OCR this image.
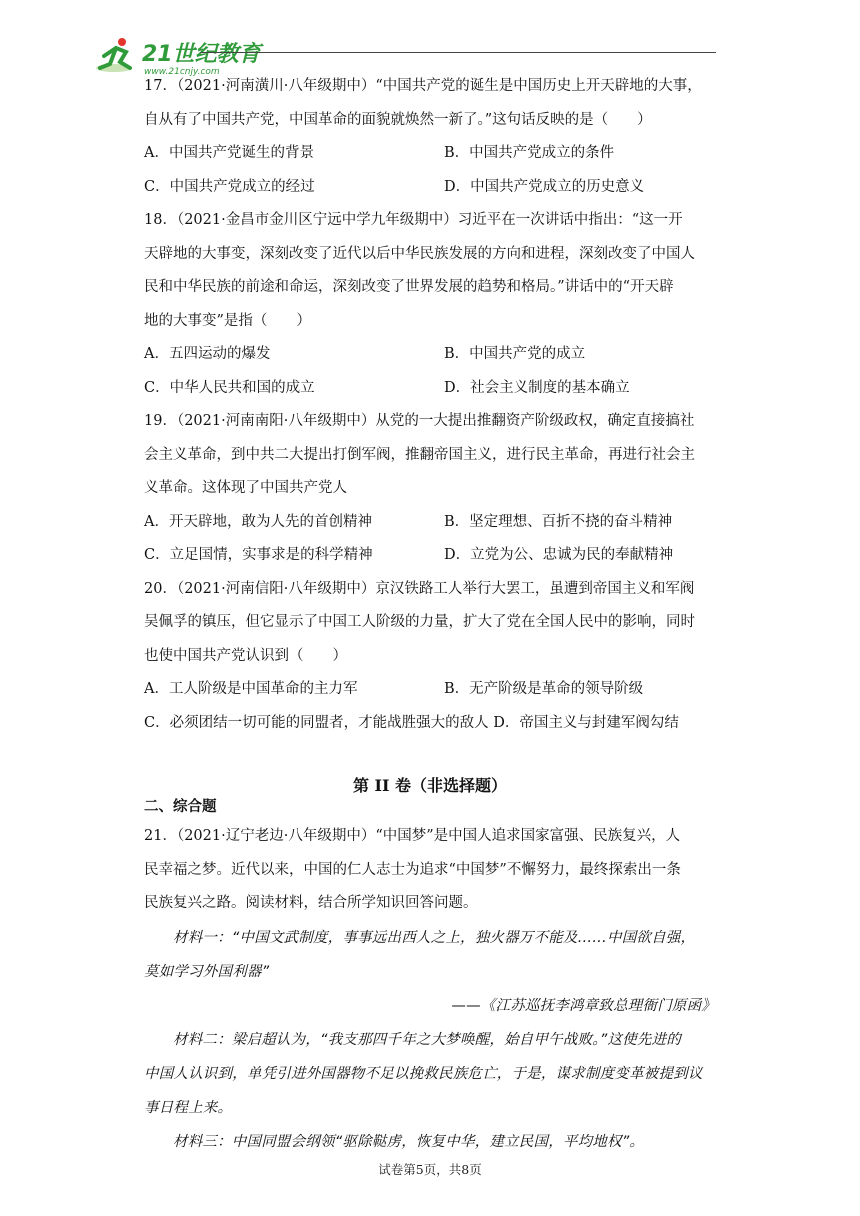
21世纪教育
www.21cnjy.com
17．（2021·河南潢川·八年级期中）“中国共产党的诞生是中国历史上开天辟地的大事，
自从有了中国共产党，中国革命的面貌就焕然一新了。”这句话反映的是（　　）
A．中国共产党诞生的背景	B．中国共产党成立的条件
C．中国共产党成立的经过	D．中国共产党成立的历史意义
18．（2021·金昌市金川区宁远中学九年级期中）习近平在一次讲话中指出：“这一开
天辟地的大事变，深刻改变了近代以后中华民族发展的方向和进程，深刻改变了中国人
民和中华民族的前途和命运，深刻改变了世界发展的趋势和格局。”讲话中的“开天辟
地的大事变”是指（　　）
A．五四运动的爆发	B．中国共产党的成立
C．中华人民共和国的成立	D．社会主义制度的基本确立
19．（2021·河南南阳·八年级期中）从党的一大提出推翻资产阶级政权，确定直接搞社
会主义革命，到中共二大提出打倒军阀，推翻帝国主义，进行民主革命，再进行社会主
义革命。这体现了中国共产党人
A．开天辟地，敢为人先的首创精神	B．坚定理想、百折不挠的奋斗精神
C．立足国情，实事求是的科学精神	D．立党为公、忠诚为民的奉献精神
20．（2021·河南信阳·八年级期中）京汉铁路工人举行大罢工，虽遭到帝国主义和军阀
吴佩孚的镇压，但它显示了中国工人阶级的力量，扩大了党在全国人民中的影响，同时
也使中国共产党认识到（　　）
A．工人阶级是中国革命的主力军	B．无产阶级是革命的领导阶级
C．必须团结一切可能的同盟者，才能战胜强大的敌人 D．帝国主义与封建军阀勾结
第 II 卷（非选择题）
二、综合题
21．（2021·辽宁老边·八年级期中）“中国梦”是中国人追求国家富强、民族复兴，人
民幸福之梦。近代以来，中国的仁人志士为追求“中国梦”不懈努力，最终探索出一条
民族复兴之路。阅读材料，结合所学知识回答问题。
材料一：“中国文武制度，事事远出西人之上，独火器万不能及……中国欲自强，
莫如学习外国利器”
——《江苏巡抚李鸿章致总理衙门原函》
材料二：梁启超认为，“我支那四千年之大梦唤醒，始自甲午战败。”这使先进的
中国人认识到，单凭引进外国器物不足以挽救民族危亡，于是，谋求制度变革被提到议
事日程上来。
材料三：中国同盟会纲领“驱除鞑虏，恢复中华，建立民国，平均地权”。
试卷第5页，共8页
